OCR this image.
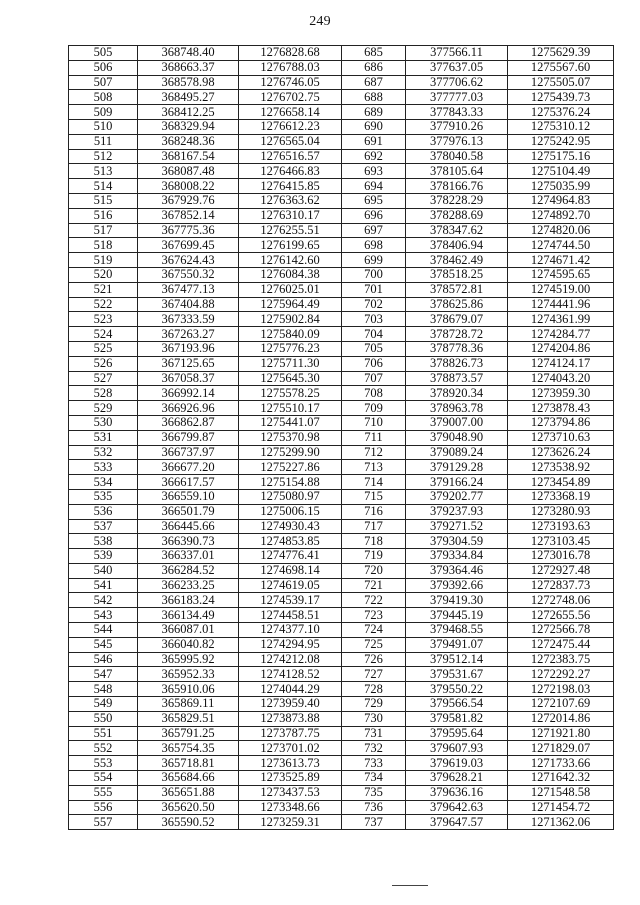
249
505	368748.40	1276828.68	685	377566.11	1275629.39
506	368663.37	1276788.03	686	377637.05	1275567.60
507	368578.98	1276746.05	687	377706.62	1275505.07
508	368495.27	1276702.75	688	377777.03	1275439.73
509	368412.25	1276658.14	689	377843.33	1275376.24
510	368329.94	1276612.23	690	377910.26	1275310.12
511	368248.36	1276565.04	691	377976.13	1275242.95
512	368167.54	1276516.57	692	378040.58	1275175.16
513	368087.48	1276466.83	693	378105.64	1275104.49
514	368008.22	1276415.85	694	378166.76	1275035.99
515	367929.76	1276363.62	695	378228.29	1274964.83
516	367852.14	1276310.17	696	378288.69	1274892.70
517	367775.36	1276255.51	697	378347.62	1274820.06
518	367699.45	1276199.65	698	378406.94	1274744.50
519	367624.43	1276142.60	699	378462.49	1274671.42
520	367550.32	1276084.38	700	378518.25	1274595.65
521	367477.13	1276025.01	701	378572.81	1274519.00
522	367404.88	1275964.49	702	378625.86	1274441.96
523	367333.59	1275902.84	703	378679.07	1274361.99
524	367263.27	1275840.09	704	378728.72	1274284.77
525	367193.96	1275776.23	705	378778.36	1274204.86
526	367125.65	1275711.30	706	378826.73	1274124.17
527	367058.37	1275645.30	707	378873.57	1274043.20
528	366992.14	1275578.25	708	378920.34	1273959.30
529	366926.96	1275510.17	709	378963.78	1273878.43
530	366862.87	1275441.07	710	379007.00	1273794.86
531	366799.87	1275370.98	711	379048.90	1273710.63
532	366737.97	1275299.90	712	379089.24	1273626.24
533	366677.20	1275227.86	713	379129.28	1273538.92
534	366617.57	1275154.88	714	379166.24	1273454.89
535	366559.10	1275080.97	715	379202.77	1273368.19
536	366501.79	1275006.15	716	379237.93	1273280.93
537	366445.66	1274930.43	717	379271.52	1273193.63
538	366390.73	1274853.85	718	379304.59	1273103.45
539	366337.01	1274776.41	719	379334.84	1273016.78
540	366284.52	1274698.14	720	379364.46	1272927.48
541	366233.25	1274619.05	721	379392.66	1272837.73
542	366183.24	1274539.17	722	379419.30	1272748.06
543	366134.49	1274458.51	723	379445.19	1272655.56
544	366087.01	1274377.10	724	379468.55	1272566.78
545	366040.82	1274294.95	725	379491.07	1272475.44
546	365995.92	1274212.08	726	379512.14	1272383.75
547	365952.33	1274128.52	727	379531.67	1272292.27
548	365910.06	1274044.29	728	379550.22	1272198.03
549	365869.11	1273959.40	729	379566.54	1272107.69
550	365829.51	1273873.88	730	379581.82	1272014.86
551	365791.25	1273787.75	731	379595.64	1271921.80
552	365754.35	1273701.02	732	379607.93	1271829.07
553	365718.81	1273613.73	733	379619.03	1271733.66
554	365684.66	1273525.89	734	379628.21	1271642.32
555	365651.88	1273437.53	735	379636.16	1271548.58
556	365620.50	1273348.66	736	379642.63	1271454.72
557	365590.52	1273259.31	737	379647.57	1271362.06
